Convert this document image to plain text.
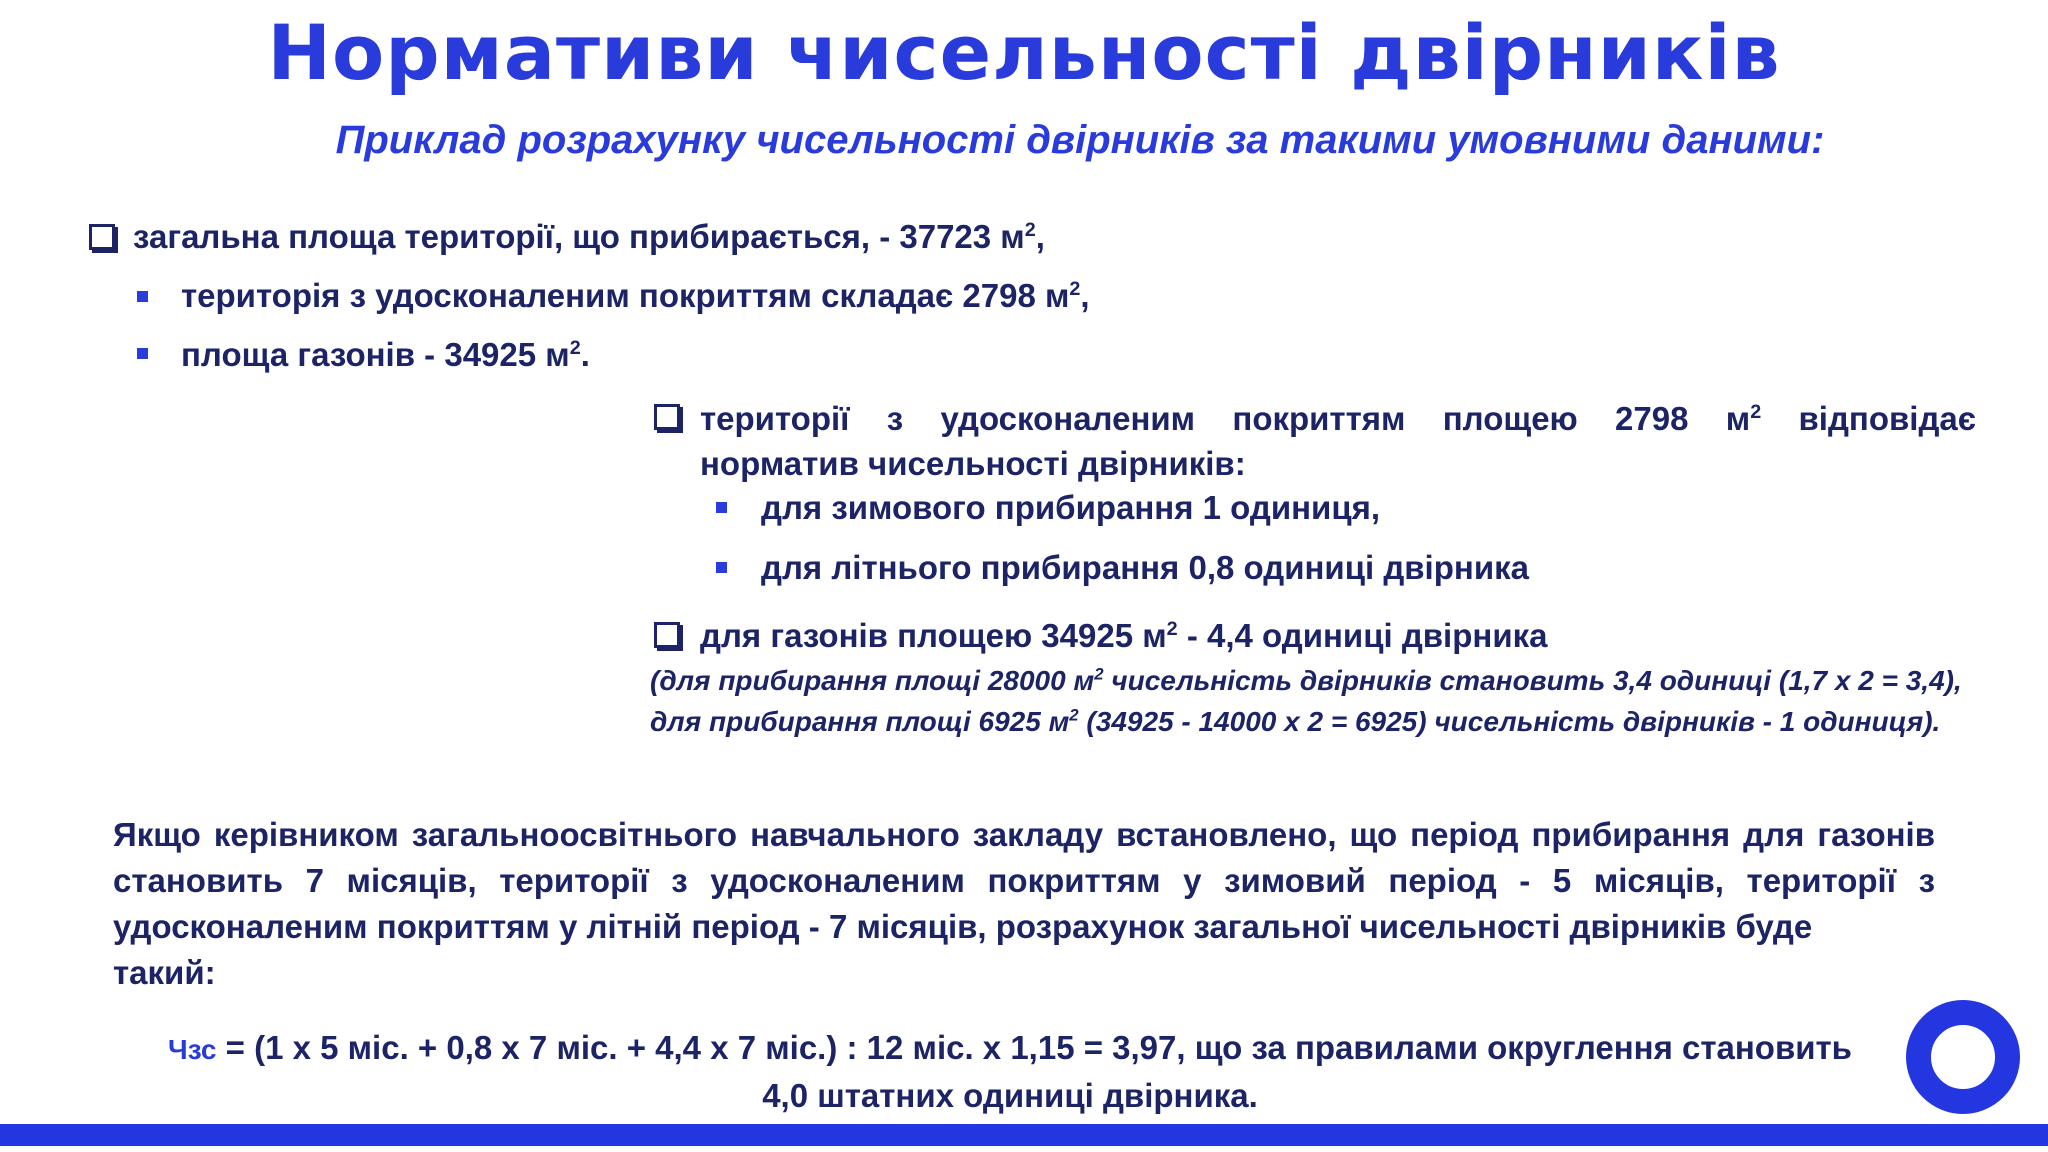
Нормативи чисельності двірників
Приклад розрахунку чисельності двірників за такими умовними даними:
загальна площа території, що прибирається, - 37723 $м^2$,
територія з удосконаленим покриттям складає 2798 $м^2$,
площа газонів - 34925 $м^2$.
території з удосконаленим покриттям площею 2798 $м^2$ відповідає
норматив чисельності двірників:
для зимового прибирання 1 одиниця,
для літнього прибирання 0,8 одиниці двірника
для газонів площею 34925 $м^2 - 4,4$ одиниці двірника
(для прибирання площі 28000 $м^2$ чисельність двірників становить 3,4 одиниці (1,7 х 2 = 3,4), для прибирання площі 6925 $м^2$ (34925 - 14000 х 2 = 6925) чисельність двірників - 1 одиниця).
Якщо керівником загальноосвітнього навчального закладу встановлено, що період прибирання для газонів становить 7 місяців, території з удосконаленим покриттям у зимовий період - 5 місяців, території з удосконаленим покриттям у літній період - 7 місяців, розрахунок загальної чисельності двірників буде
такий:
Чзс = (1 х 5 міс. + 0,8 х 7 міс. + 4,4 х 7 міс.) : 12 міс. х 1,15 = 3,97, що за правилами округлення становить
4,0 штатних одиниці двірника.
